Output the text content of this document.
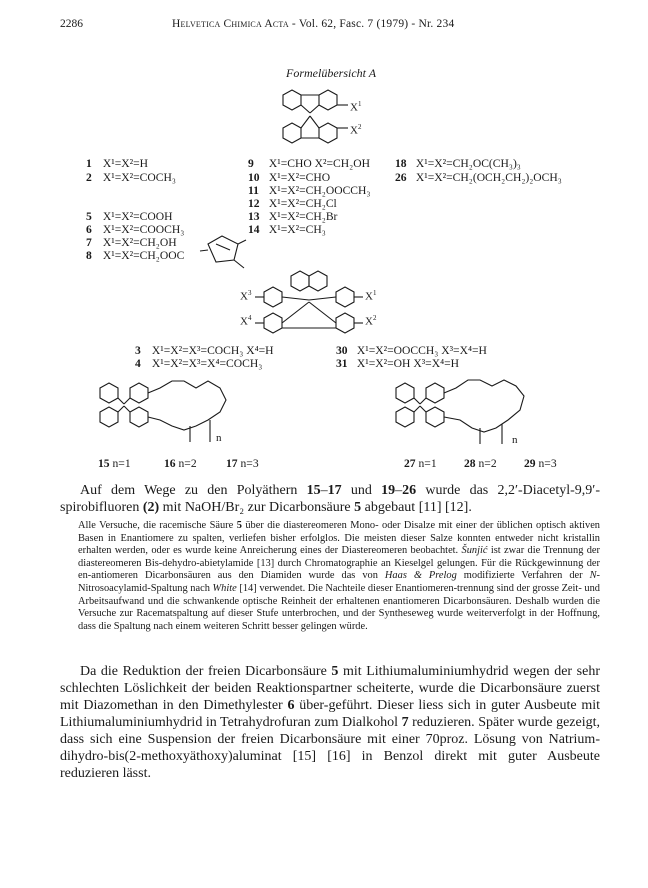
2286	Helvetica Chimica Acta - Vol. 62, Fasc. 7 (1979) - Nr. 234
Formelübersicht A
$X^1$
$X^2$
$X^3$	$X^1$
$X^4$	$X^2$
n	n
1 X¹=X²=H
2 X¹=X²=COCH₃
5 X¹=X²=COOH
6 X¹=X²=COOCH₃
7 X¹=X²=CH₂OH
8 X¹=X²=CH₂OOC
9 X¹=CHO X²=CH₂OH
10 X¹=X²=CHO
11 X¹=X²=CH₂OOCCH₃
12 X¹=X²=CH₂Cl
13 X¹=X²=CH₂Br
14 X¹=X²=CH₃
18 X¹=X²=CH₂OC(CH₃)₃
26 X¹=X²=CH₂(OCH₂CH₂)₂OCH₃
3 X¹=X²=X³=COCH₃ X⁴=H
4 X¹=X²=X³=X⁴=COCH₃
30 X¹=X²=OOCCH₃ X³=X⁴=H
31 X¹=X²=OH X³=X⁴=H
15 n=1	16 n=2	17 n=3	27 n=1 28 n=2 29 n=3
Auf dem Wege zu den Polyäthern 15–17 und 19–26 wurde das 2,2′-Diacetyl-9,9′-spirobifluoren (2) mit NaOH/Br₂ zur Dicarbonsäure 5 abgebaut [11] [12].
Alle Versuche, die racemische Säure 5 über die diastereomeren Mono- oder Disalze mit einer der üblichen optisch aktiven Basen in Enantiomere zu spalten, verliefen bisher erfolglos. Die meisten dieser Salze konnten entweder nicht kristallin erhalten werden, oder es wurde keine Anreicherung eines der Diastereomeren beobachtet. Šunjić ist zwar die Trennung der diastereomeren Bis-dehydro-abietylamide [13] durch Chromatographie an Kieselgel gelungen. Für die Rückgewinnung der en-antiomeren Dicarbonsäuren aus den Diamiden wurde das von Haas & Prelog modifizierte Verfahren der N-Nitrosoacylamid-Spaltung nach White [14] verwendet. Die Nachteile dieser Enantiomeren-trennung sind der grosse Zeit- und Arbeitsaufwand und die schwankende optische Reinheit der erhaltenen enantiomeren Dicarbonsäuren. Deshalb wurden die Versuche zur Racematspaltung auf dieser Stufe unterbrochen, und der Syntheseweg wurde weiterverfolgt in der Hoffnung, dass die Spaltung nach einem weiteren Schritt besser gelingen würde.
Da die Reduktion der freien Dicarbonsäure 5 mit Lithiumaluminiumhydrid wegen der sehr schlechten Löslichkeit der beiden Reaktionspartner scheiterte, wurde die Dicarbonsäure zuerst mit Diazomethan in den Dimethylester 6 über-geführt. Dieser liess sich in guter Ausbeute mit Lithiumaluminiumhydrid in Tetrahydrofuran zum Dialkohol 7 reduzieren. Später wurde gezeigt, dass sich eine Suspension der freien Dicarbonsäure mit einer 70proz. Lösung von Natrium-dihydro-bis(2-methoxyäthoxy)aluminat [15] [16] in Benzol direkt mit guter Ausbeute reduzieren lässt.
